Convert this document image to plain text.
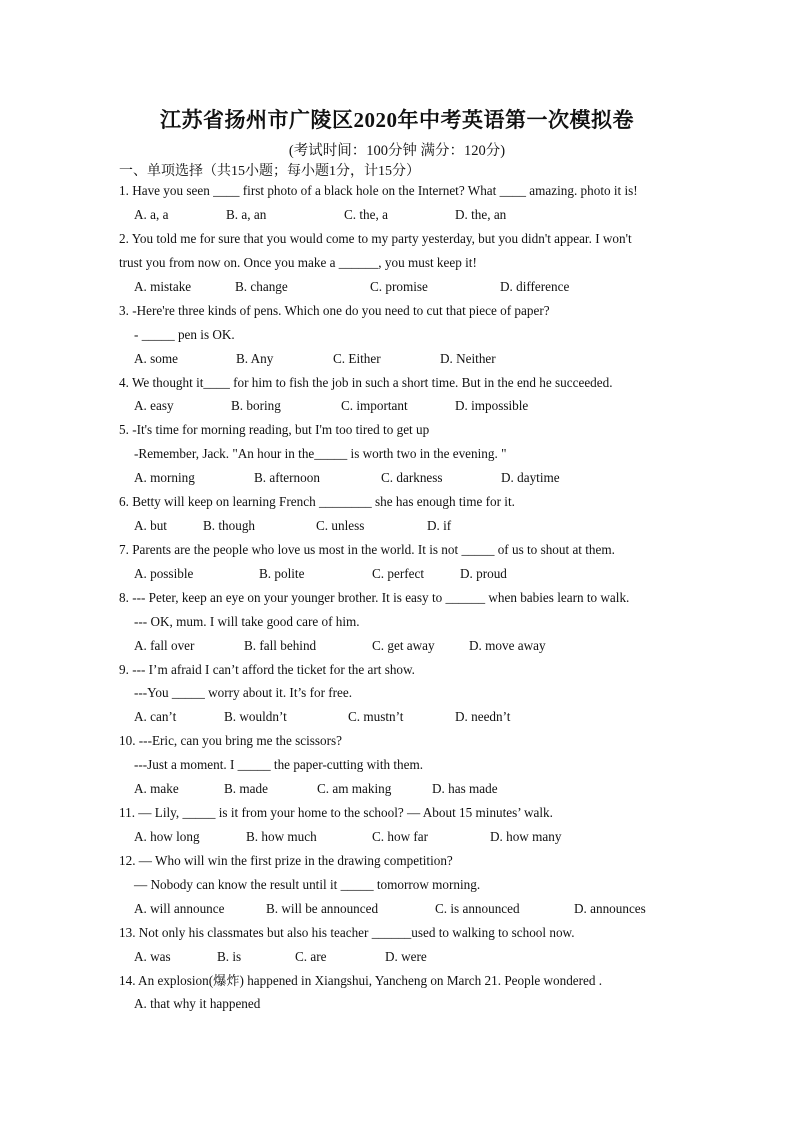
江苏省扬州市广陵区2020年中考英语第一次模拟卷
(考试时间：100分钟 满分：120分)
一、单项选择（共15小题；每小题1分，计15分）
1. Have you seen ____ first photo of a black hole on the Internet? What ____ amazing. photo it is!
A. a, a	B. a, an	C. the, a	D. the, an
2. You told me for sure that you would come to my party yesterday, but you didn't appear. I won't
trust you from now on. Once you make a ______, you must keep it!
A. mistake	B. change	C. promise	D. difference
3. -Here're three kinds of pens. Which one do you need to cut that piece of paper?
- _____ pen is OK.
A. some	B. Any	C. Either	D. Neither
4. We thought it____ for him to fish the job in such a short time. But in the end he succeeded.
A. easy	B. boring	C. important	D. impossible
5. -It's time for morning reading, but I'm too tired to get up
-Remember, Jack. "An hour in the_____ is worth two in the evening. "
A. morning	B. afternoon	C. darkness	D. daytime
6. Betty will keep on learning French ________ she has enough time for it.
A. but	B. though	C. unless	D. if
7. Parents are the people who love us most in the world. It is not _____ of us to shout at them.
A. possible	B. polite	C. perfect	D. proud
8. --- Peter, keep an eye on your younger brother. It is easy to ______ when babies learn to walk.
--- OK, mum. I will take good care of him.
A. fall over	B. fall behind	C. get away	D. move away
9. --- I’m afraid I can’t afford the ticket for the art show.
---You _____ worry about it. It’s for free.
A. can’t	B. wouldn’t	C. mustn’t	D. needn’t
10. ---Eric, can you bring me the scissors?
---Just a moment. I _____ the paper-cutting with them.
A. make	B. made	C. am making	D. has made
11. — Lily, _____ is it from your home to the school? — About 15 minutes’ walk.
A. how long	B. how much	C. how far	D. how many
12. — Who will win the first prize in the drawing competition?
— Nobody can know the result until it _____ tomorrow morning.
A. will announce	B. will be announced	C. is announced	D. announces
13. Not only his classmates but also his teacher ______used to walking to school now.
A. was	B. is	C. are	D. were
14. An explosion(爆炸) happened in Xiangshui, Yancheng on March 21. People wondered .
A. that why it happened
